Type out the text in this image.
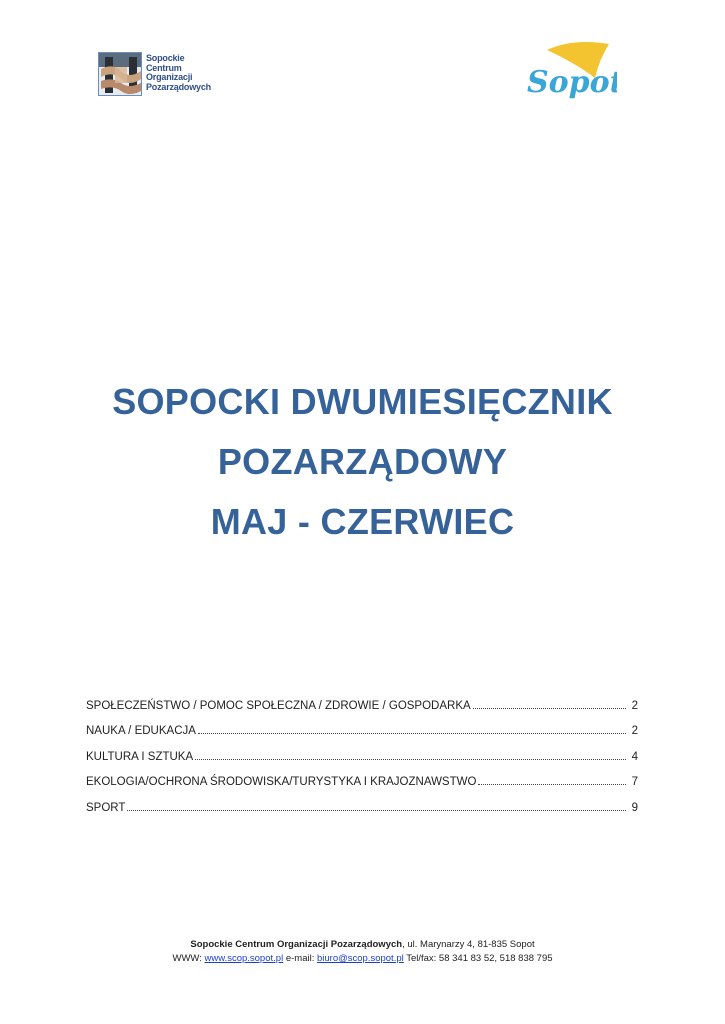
Sopockie
Centrum
Organizacji
Pozarządowych	Sopot
SOPOCKI DWUMIESIĘCZNIK
POZARZĄDOWY
MAJ - CZERWIEC
SPOŁECZEŃSTWO / POMOC SPOŁECZNA / ZDROWIE / GOSPODARKA	2
NAUKA / EDUKACJA	2
KULTURA I SZTUKA	4
EKOLOGIA/OCHRONA ŚRODOWISKA/TURYSTYKA I KRAJOZNAWSTWO	7
SPORT	9
Sopockie Centrum Organizacji Pozarządowych, ul. Marynarzy 4, 81-835 Sopot
WWW: www.scop.sopot.pl e-mail: biuro@scop.sopot.pl Tel/fax: 58 341 83 52, 518 838 795
